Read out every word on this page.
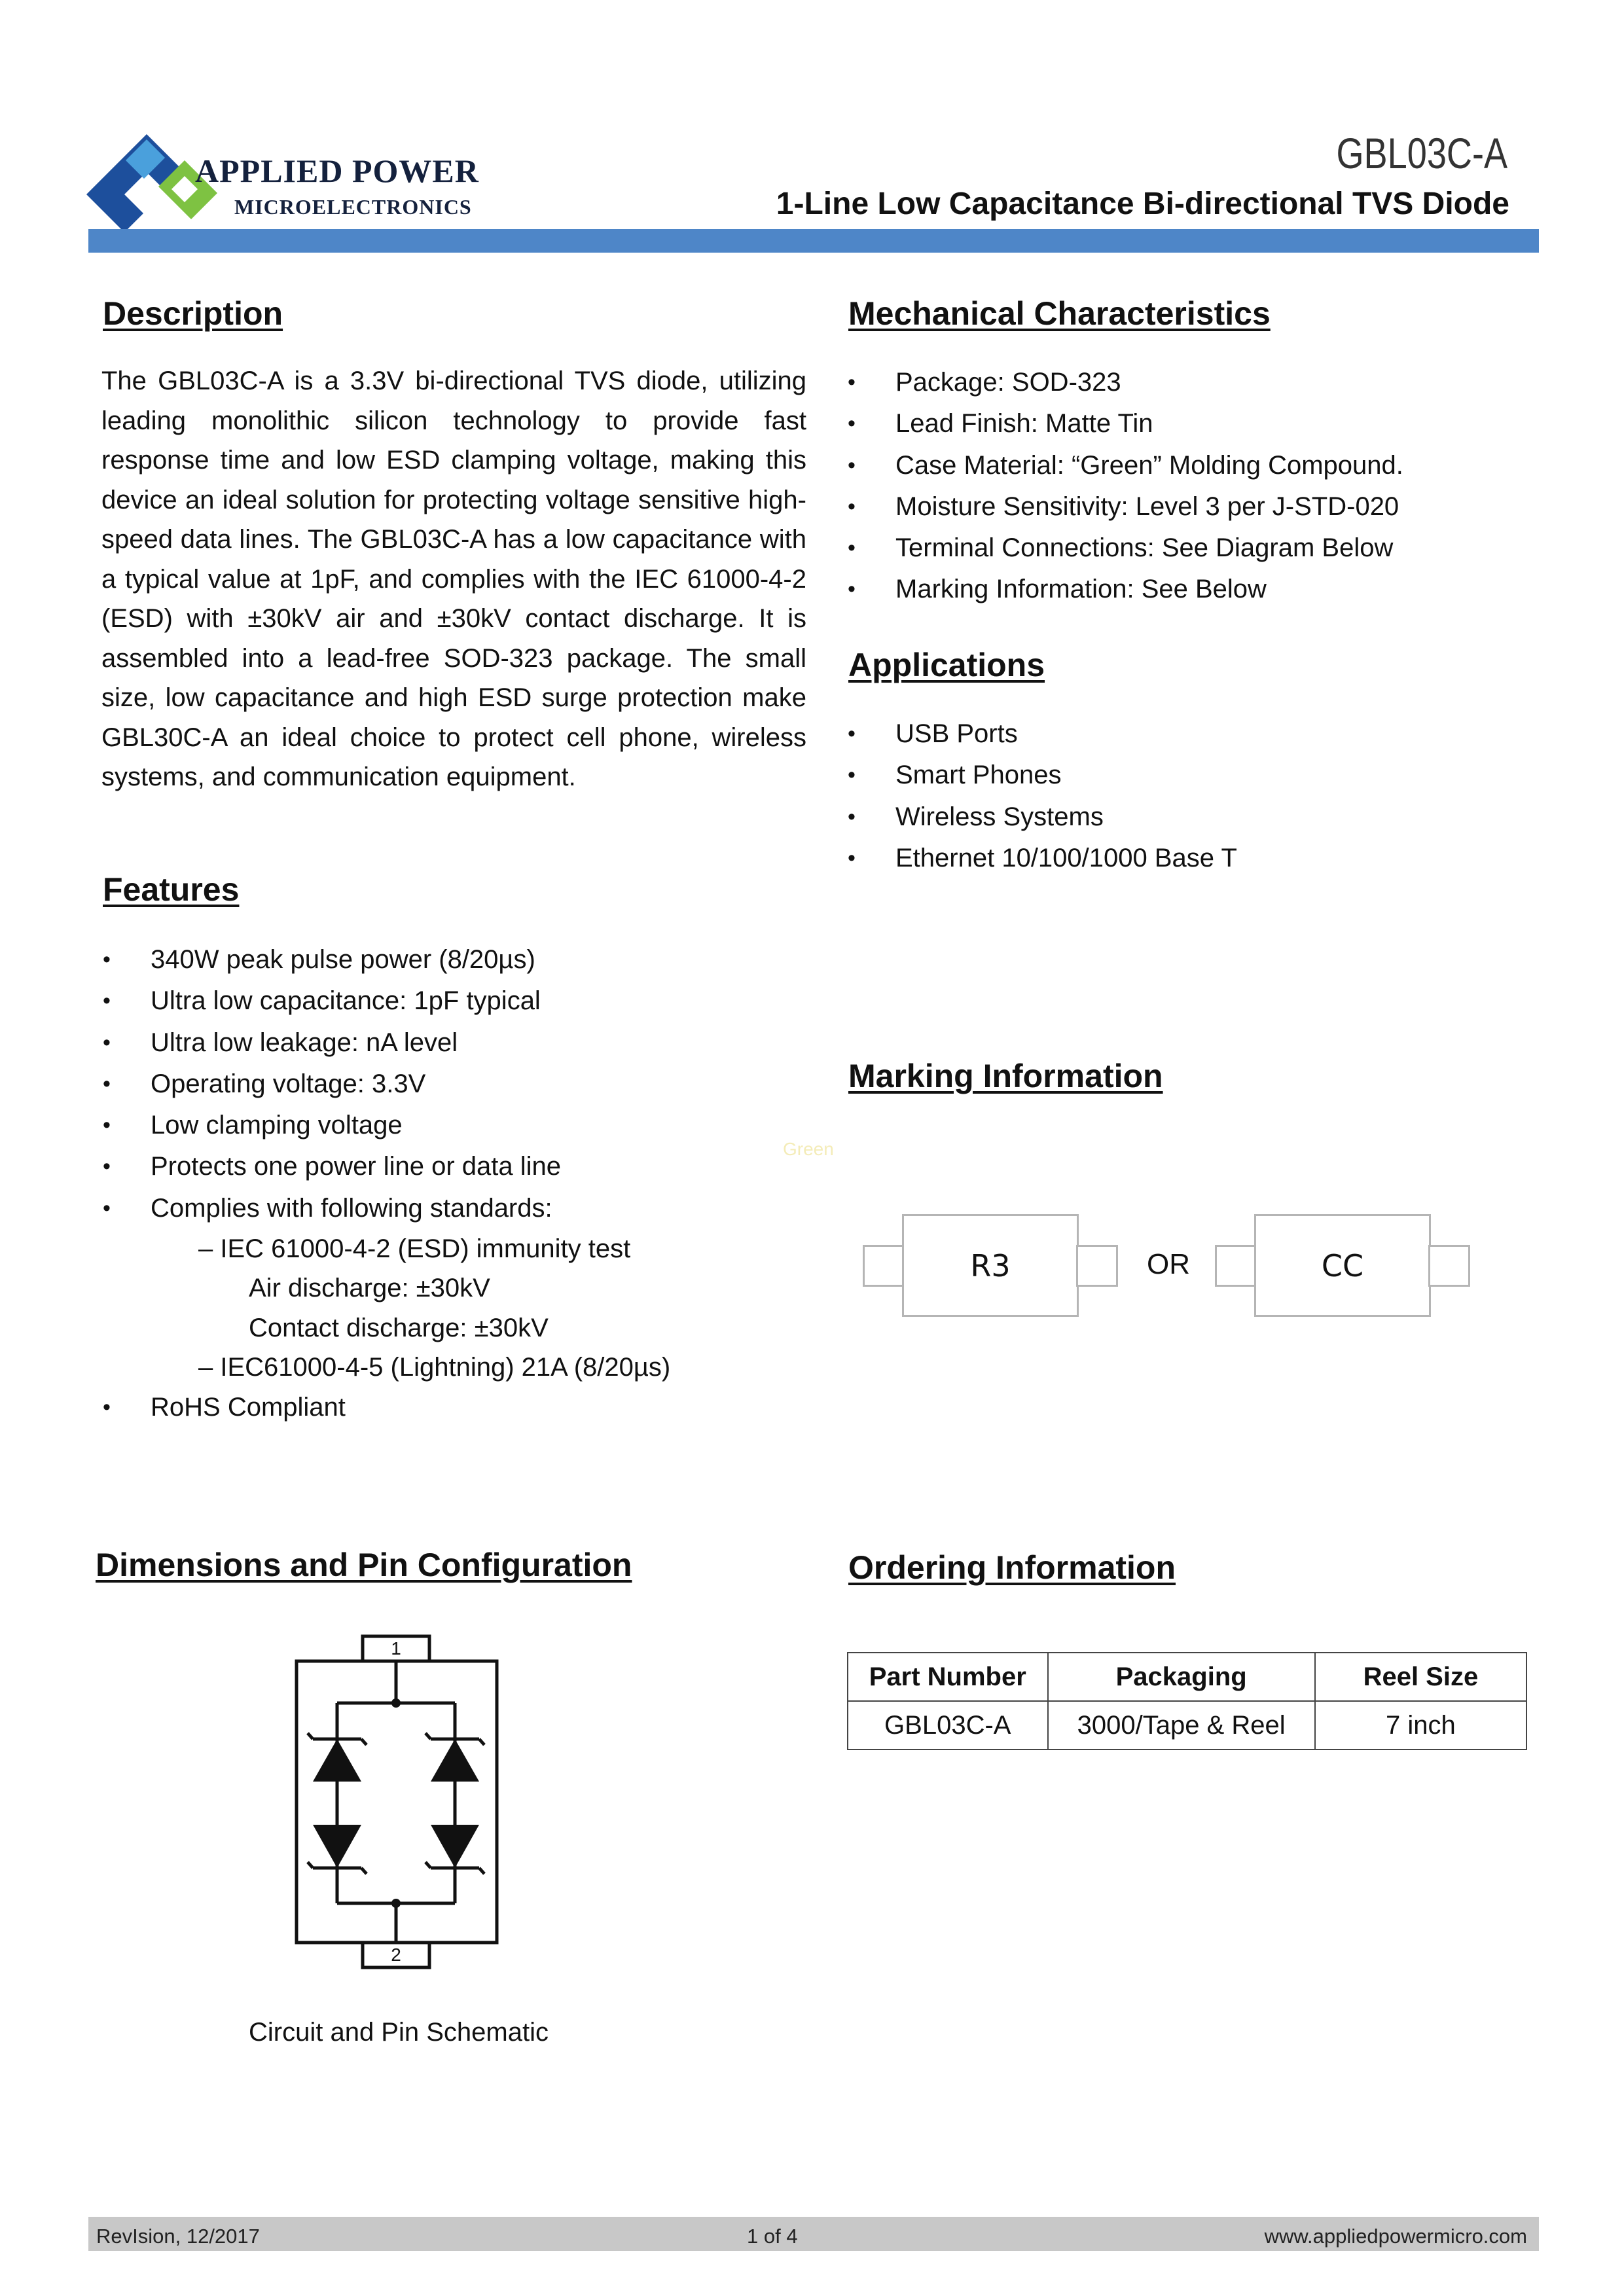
APPLIED POWER
MICROELECTRONICS
GBL03C-A
1-Line Low Capacitance Bi-directional TVS Diode
Description
The GBL03C-A is a 3.3V bi-directional TVS diode, utilizing leading monolithic silicon technology to provide fast response time and low ESD clamping voltage, making this device an ideal solution for protecting voltage sensitive high-speed data lines. The GBL03C-A has a low capacitance with a typical value at 1pF, and complies with the IEC 61000-4-2 (ESD) with ±30kV air and ±30kV contact discharge. It is assembled into a lead-free SOD-323 package. The small size, low capacitance and high ESD surge protection make GBL30C-A an ideal choice to protect cell phone, wireless systems, and communication equipment.
Features
• 340W peak pulse power (8/20µs)
• Ultra low capacitance: 1pF typical
• Ultra low leakage: nA level
• Operating voltage: 3.3V
• Low clamping voltage
• Protects one power line or data line
• Complies with following standards:
– IEC 61000-4-2 (ESD) immunity test
Air discharge: ±30kV
Contact discharge: ±30kV
– IEC61000-4-5 (Lightning) 21A (8/20µs)
• RoHS Compliant
Mechanical Characteristics
• Package: SOD-323
• Lead Finish: Matte Tin
• Case Material: “Green” Molding Compound.
• Moisture Sensitivity: Level 3 per J-STD-020
• Terminal Connections: See Diagram Below
• Marking Information: See Below
Applications
• USB Ports
• Smart Phones
• Wireless Systems
• Ethernet 10/100/1000 Base T
Marking Information
Green
R3	OR	CC
Dimensions and Pin Configuration
1
2
Circuit and Pin Schematic
Ordering Information
Part Number	Packaging	Reel Size
GBL03C-A	3000/Tape & Reel	7 inch
RevIsion, 12/2017	1 of 4	www.appliedpowermicro.com
